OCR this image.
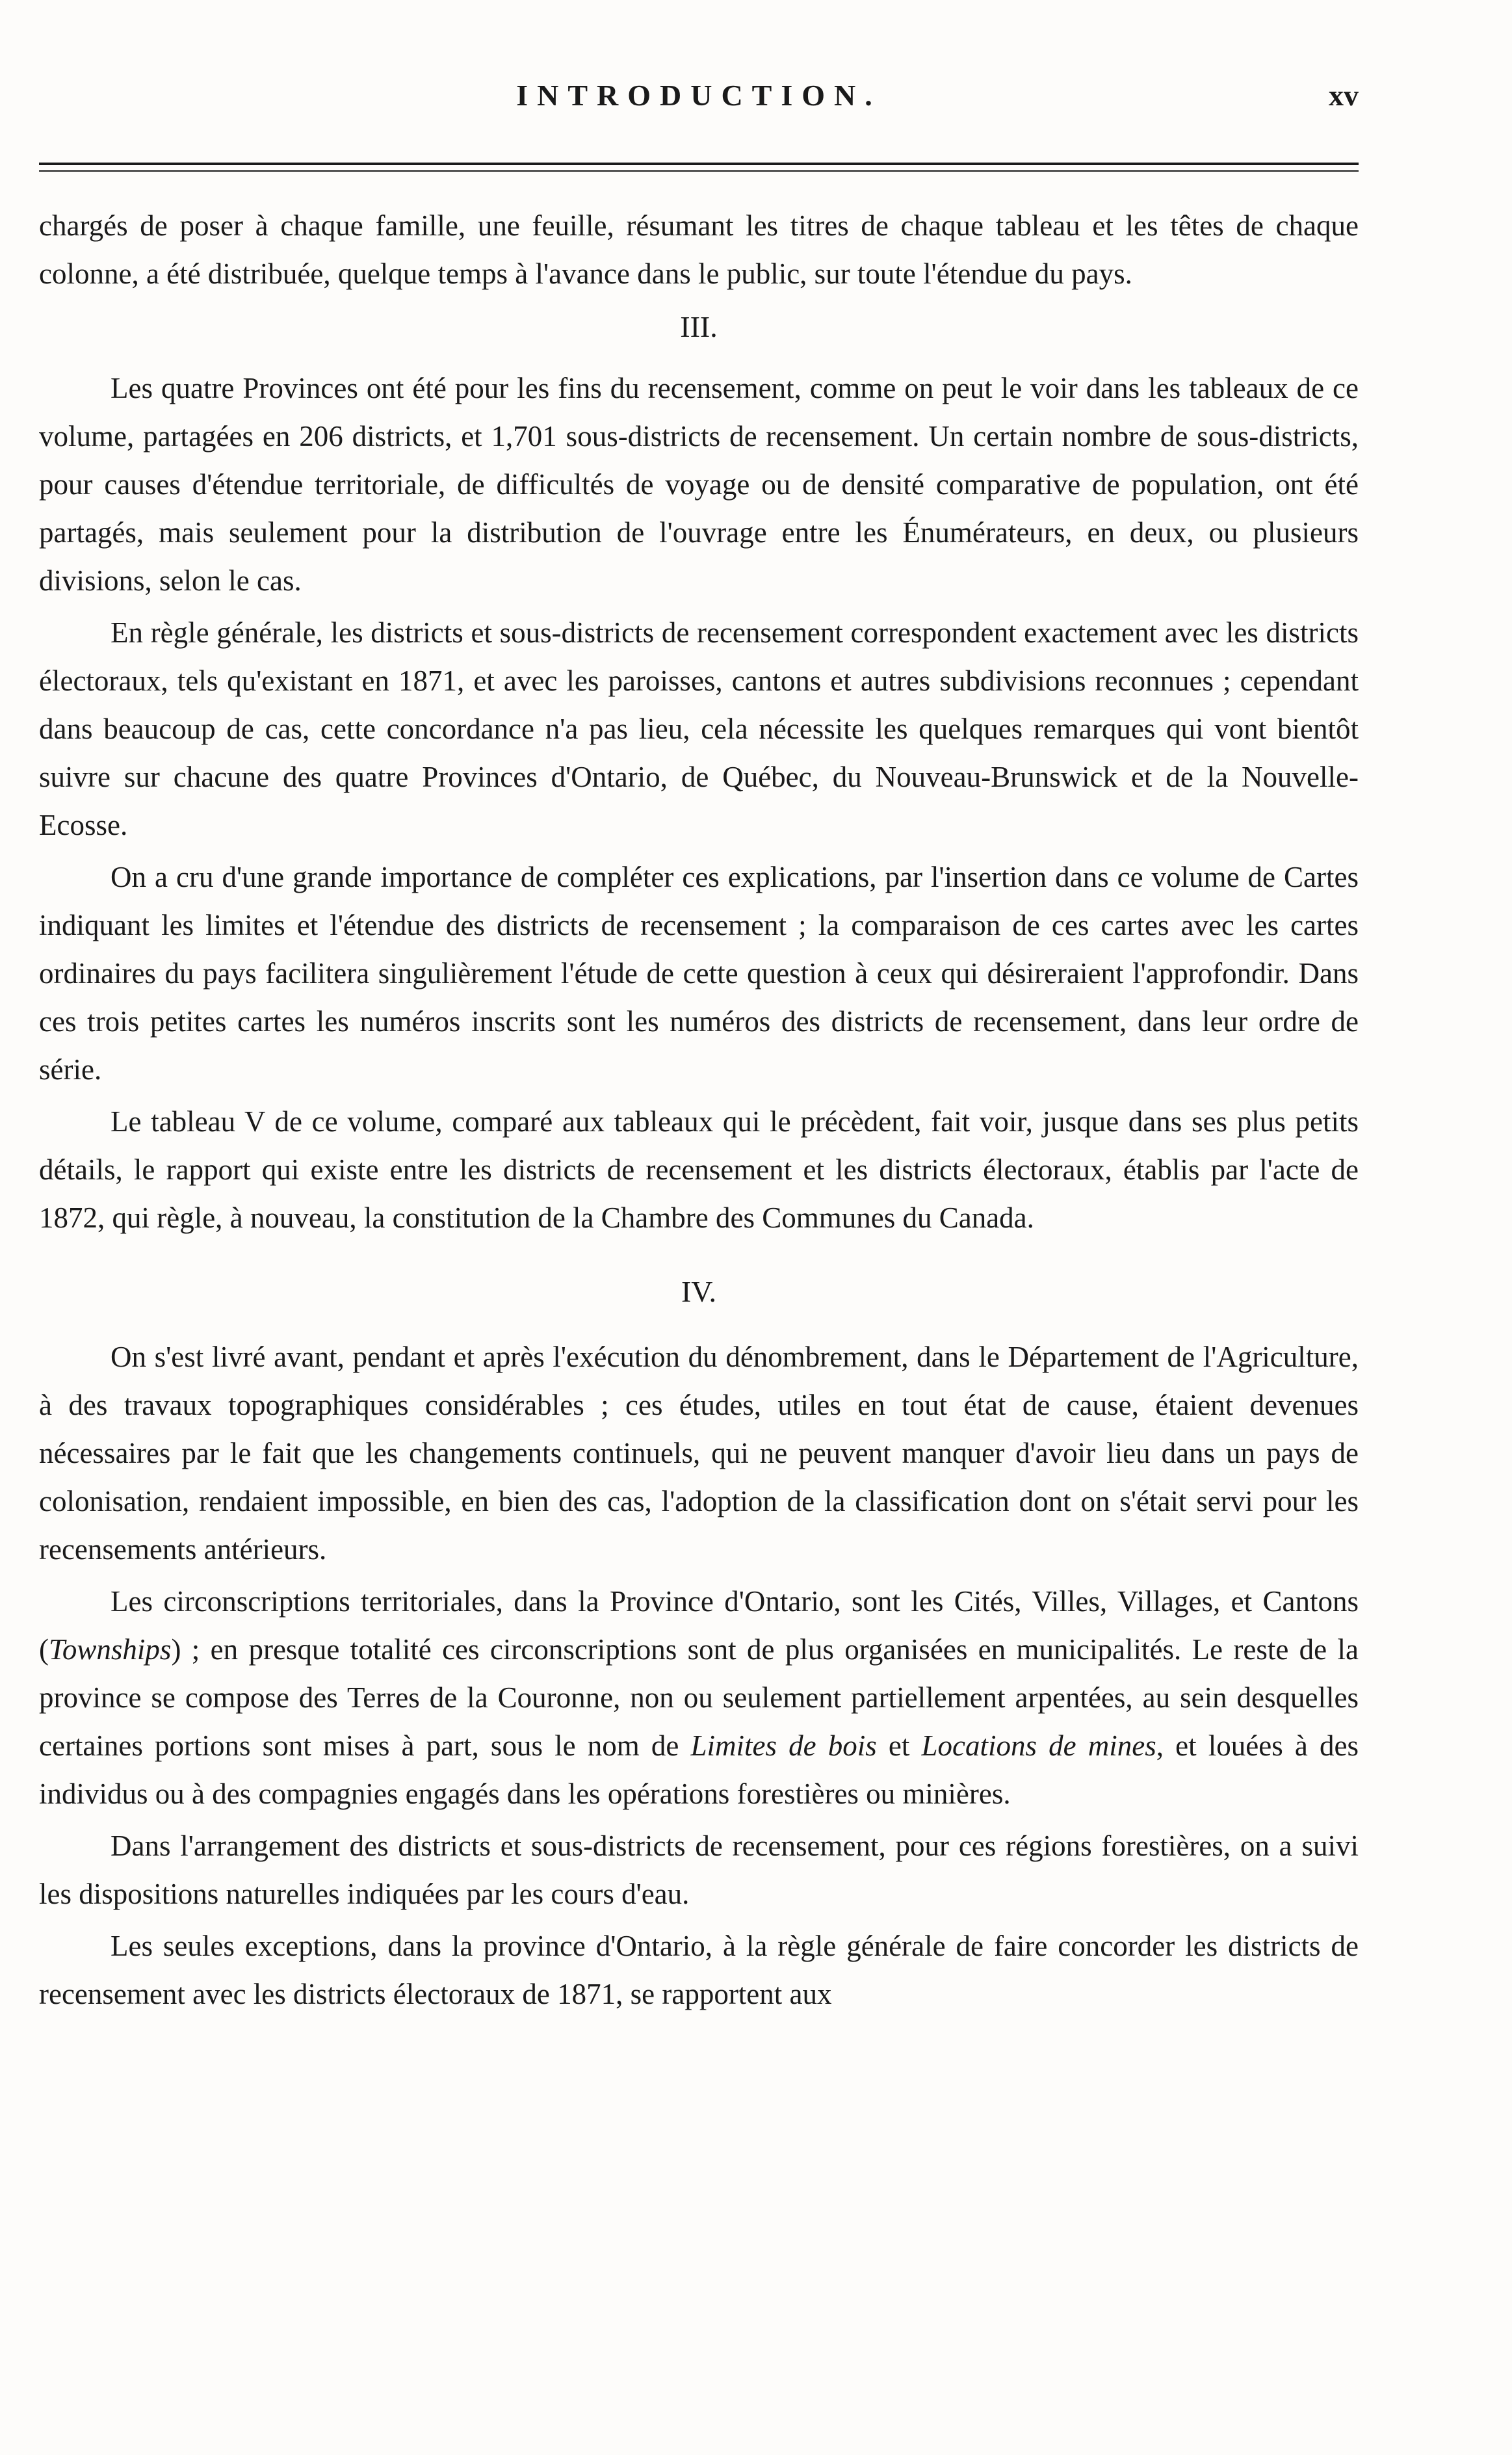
INTRODUCTION.	xv

chargés de poser à chaque famille, une feuille, résumant les titres de chaque tableau et les têtes de chaque colonne, a été distribuée, quelque temps à l'avance dans le public, sur toute l'étendue du pays.

III.

Les quatre Provinces ont été pour les fins du recensement, comme on peut le voir dans les tableaux de ce volume, partagées en 206 districts, et 1,701 sous-districts de recensement. Un certain nombre de sous-districts, pour causes d'étendue territoriale, de difficultés de voyage ou de densité comparative de population, ont été partagés, mais seulement pour la distribution de l'ouvrage entre les Énumérateurs, en deux, ou plusieurs divisions, selon le cas.

En règle générale, les districts et sous-districts de recensement correspondent exactement avec les districts électoraux, tels qu'existant en 1871, et avec les paroisses, cantons et autres subdivisions reconnues ; cependant dans beaucoup de cas, cette concordance n'a pas lieu, cela nécessite les quelques remarques qui vont bientôt suivre sur chacune des quatre Provinces d'Ontario, de Québec, du Nouveau-Brunswick et de la Nouvelle-Ecosse.

On a cru d'une grande importance de compléter ces explications, par l'insertion dans ce volume de Cartes indiquant les limites et l'étendue des districts de recensement ; la comparaison de ces cartes avec les cartes ordinaires du pays facilitera singulièrement l'étude de cette question à ceux qui désireraient l'approfondir. Dans ces trois petites cartes les numéros inscrits sont les numéros des districts de recensement, dans leur ordre de série.

Le tableau V de ce volume, comparé aux tableaux qui le précèdent, fait voir, jusque dans ses plus petits détails, le rapport qui existe entre les districts de recensement et les districts électoraux, établis par l'acte de 1872, qui règle, à nouveau, la constitution de la Chambre des Communes du Canada.

IV.

On s'est livré avant, pendant et après l'exécution du dénombrement, dans le Département de l'Agriculture, à des travaux topographiques considérables ; ces études, utiles en tout état de cause, étaient devenues nécessaires par le fait que les changements continuels, qui ne peuvent manquer d'avoir lieu dans un pays de colonisation, rendaient impossible, en bien des cas, l'adoption de la classification dont on s'était servi pour les recensements antérieurs.

Les circonscriptions territoriales, dans la Province d'Ontario, sont les Cités, Villes, Villages, et Cantons (Townships) ; en presque totalité ces circonscriptions sont de plus organisées en municipalités. Le reste de la province se compose des Terres de la Couronne, non ou seulement partiellement arpentées, au sein desquelles certaines portions sont mises à part, sous le nom de Limites de bois et Locations de mines, et louées à des individus ou à des compagnies engagés dans les opérations forestières ou minières.

Dans l'arrangement des districts et sous-districts de recensement, pour ces régions forestières, on a suivi les dispositions naturelles indiquées par les cours d'eau.

Les seules exceptions, dans la province d'Ontario, à la règle générale de faire concorder les districts de recensement avec les districts électoraux de 1871, se rapportent aux
